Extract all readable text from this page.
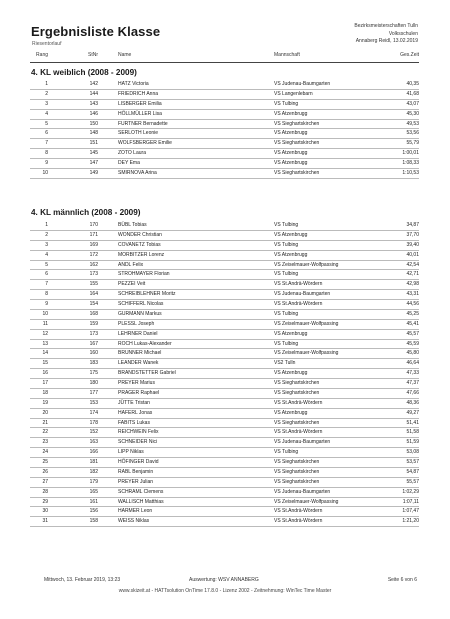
Ergebnisliste Klasse
Riesentorlauf
Bezirksmeisterschaften Tulln
Volksschulen
Annaberg Reidl, 13.02.2019
Rang	StNr	Name	Mannschaft	Ges.Zeit
4. KL weiblich (2008 - 2009)
1	142	HATZ Victoria	VS Judenau-Baumgarten	40,35
2	144	FRIEDRICH Anna	VS Langenlebarn	41,68
3	143	LISBERGER Emilia	VS Tulbing	43,07
4	146	HÖLLMÜLLER Lisa	VS Atzenbrugg	45,30
5	150	FURTNER Bernadette	VS Sieghartskirchen	49,53
6	148	SERLOTH Leonie	VS Atzenbrugg	53,56
7	151	WOLFSBERGER Emilie	VS Sieghartskirchen	55,79
8	145	ZOTO Laura	VS Atzenbrugg	1:00,01
9	147	DEY Ema	VS Atzenbrugg	1:08,33
10	149	SMIRNOVA Arina	VS Sieghartskirchen	1:10,53
4. KL männlich (2008 - 2009)
1	170	BÜBL Tobias	VS Tulbing	34,87
2	171	WONDER Christian	VS Atzenbrugg	37,70
3	169	COVANETZ Tobias	VS Tulbing	39,40
4	172	MORBITZER Lorenz	VS Atzenbrugg	40,01
5	162	ANDL Felix	VS Zeiselmauer-Wolfpassing	42,54
6	173	STROHMAYER Florian	VS Tulbing	42,71
7	155	PEZZEI Veit	VS St.Andrä-Wördern	42,98
8	164	SCHREIBLEHNER Moritz	VS Judenau-Baumgarten	43,31
9	154	SCHIFFERL Nicolas	VS St.Andrä-Wördern	44,56
10	168	GURMANN Markus	VS Tulbing	45,25
11	159	PLESSL Joseph	VS Zeiselmauer-Wolfpassing	45,41
12	173	LEHRNER Daniel	VS Atzenbrugg	45,57
13	167	ROCH Lukas-Alexander	VS Tulbing	45,59
14	160	BRUNNER Michael	VS Zeiselmauer-Wolfpassing	45,80
15	183	LEANDER Wanek	VS2 Tulln	46,64
16	175	BRANDSTETTER Gabriel	VS Atzenbrugg	47,33
17	180	PREYER Marius	VS Sieghartskirchen	47,37
18	177	PRAGER Raphael	VS Sieghartskirchen	47,66
19	153	JÜTTE Tristan	VS St.Andrä-Wördern	48,36
20	174	HAFERL Jonas	VS Atzenbrugg	49,27
21	178	FABITS Lukas	VS Sieghartskirchen	51,41
22	152	REICHWEIN Felix	VS St.Andrä-Wördern	51,58
23	163	SCHNEIDER Nici	VS Judenau-Baumgarten	51,59
24	166	LIPP Niklas	VS Tulbing	53,08
25	181	HÖFINGER David	VS Sieghartskirchen	53,57
26	182	RABL Benjamin	VS Sieghartskirchen	54,87
27	179	PREYER Julian	VS Sieghartskirchen	55,57
28	165	SCHRAML Clemens	VS Judenau-Baumgarten	1:02,29
29	161	WALLISCH Matthias	VS Zeiselmauer-Wolfpassing	1:07,11
30	156	HARMER Leon	VS St.Andrä-Wördern	1:07,47
31	158	WEISS Niklas	VS St.Andrä-Wördern	1:21,20
Mittwoch, 13. Februar 2019, 13:23	Auswertung: WSV ANNABERG	Seite 6 von 6
www.skizeit.at - HATTsolution OnTime 17.8.0 - Lizenz 2002 - Zeitnehmung: WinTec Time Master
